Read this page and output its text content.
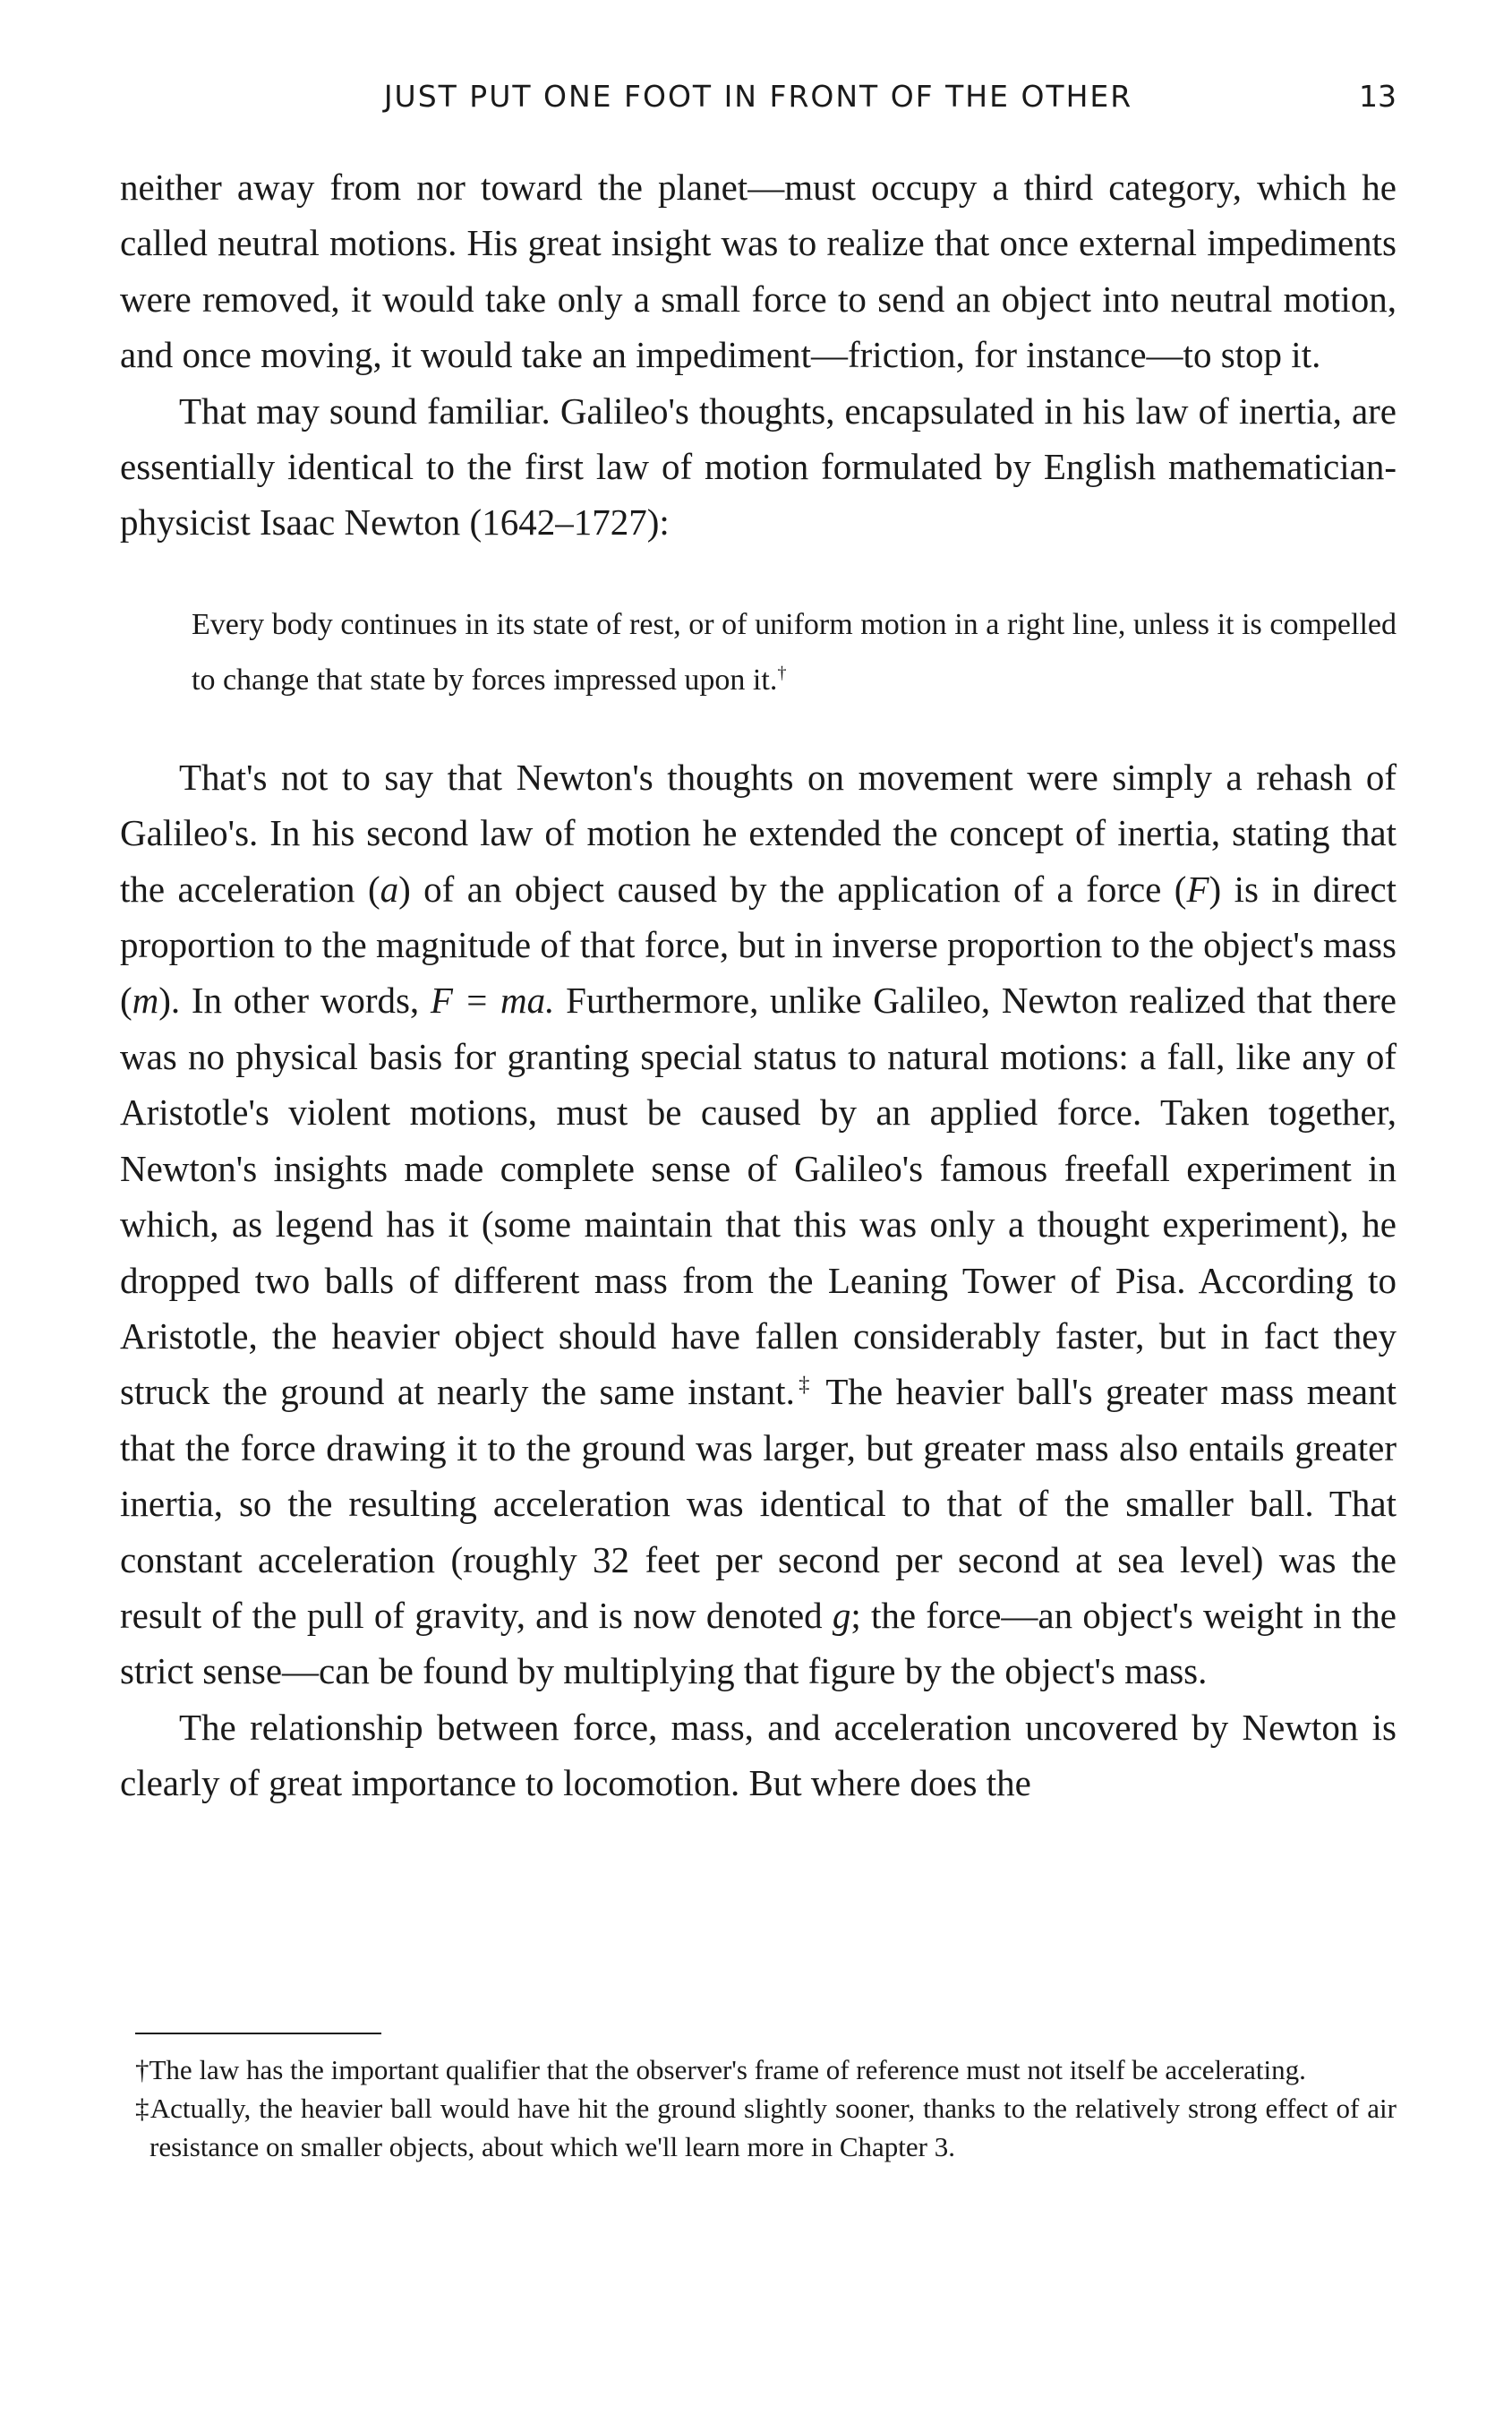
JUST PUT ONE FOOT IN FRONT OF THE OTHER	13

neither away from nor toward the planet—must occupy a third category, which he called neutral motions. His great insight was to realize that once external impediments were removed, it would take only a small force to send an object into neutral motion, and once moving, it would take an impediment—friction, for instance—to stop it.

That may sound familiar. Galileo's thoughts, encapsulated in his law of inertia, are essentially identical to the first law of motion formulated by English mathematician-physicist Isaac Newton (1642–1727):

Every body continues in its state of rest, or of uniform motion in a right line, unless it is compelled to change that state by forces impressed upon it.†

That's not to say that Newton's thoughts on movement were simply a rehash of Galileo's. In his second law of motion he extended the concept of inertia, stating that the acceleration (a) of an object caused by the application of a force (F) is in direct proportion to the magnitude of that force, but in inverse proportion to the object's mass (m). In other words, F = ma. Furthermore, unlike Galileo, Newton realized that there was no physical basis for granting special status to natural motions: a fall, like any of Aristotle's violent motions, must be caused by an applied force. Taken together, Newton's insights made complete sense of Galileo's famous freefall experiment in which, as legend has it (some maintain that this was only a thought experiment), he dropped two balls of different mass from the Leaning Tower of Pisa. According to Aristotle, the heavier object should have fallen considerably faster, but in fact they struck the ground at nearly the same instant.‡ The heavier ball's greater mass meant that the force drawing it to the ground was larger, but greater mass also entails greater inertia, so the resulting acceleration was identical to that of the smaller ball. That constant acceleration (roughly 32 feet per second per second at sea level) was the result of the pull of gravity, and is now denoted g; the force—an object's weight in the strict sense—can be found by multiplying that figure by the object's mass.

The relationship between force, mass, and acceleration uncovered by Newton is clearly of great importance to locomotion. But where does the

†The law has the important qualifier that the observer's frame of reference must not itself be accelerating.

‡Actually, the heavier ball would have hit the ground slightly sooner, thanks to the relatively strong effect of air resistance on smaller objects, about which we'll learn more in Chapter 3.
